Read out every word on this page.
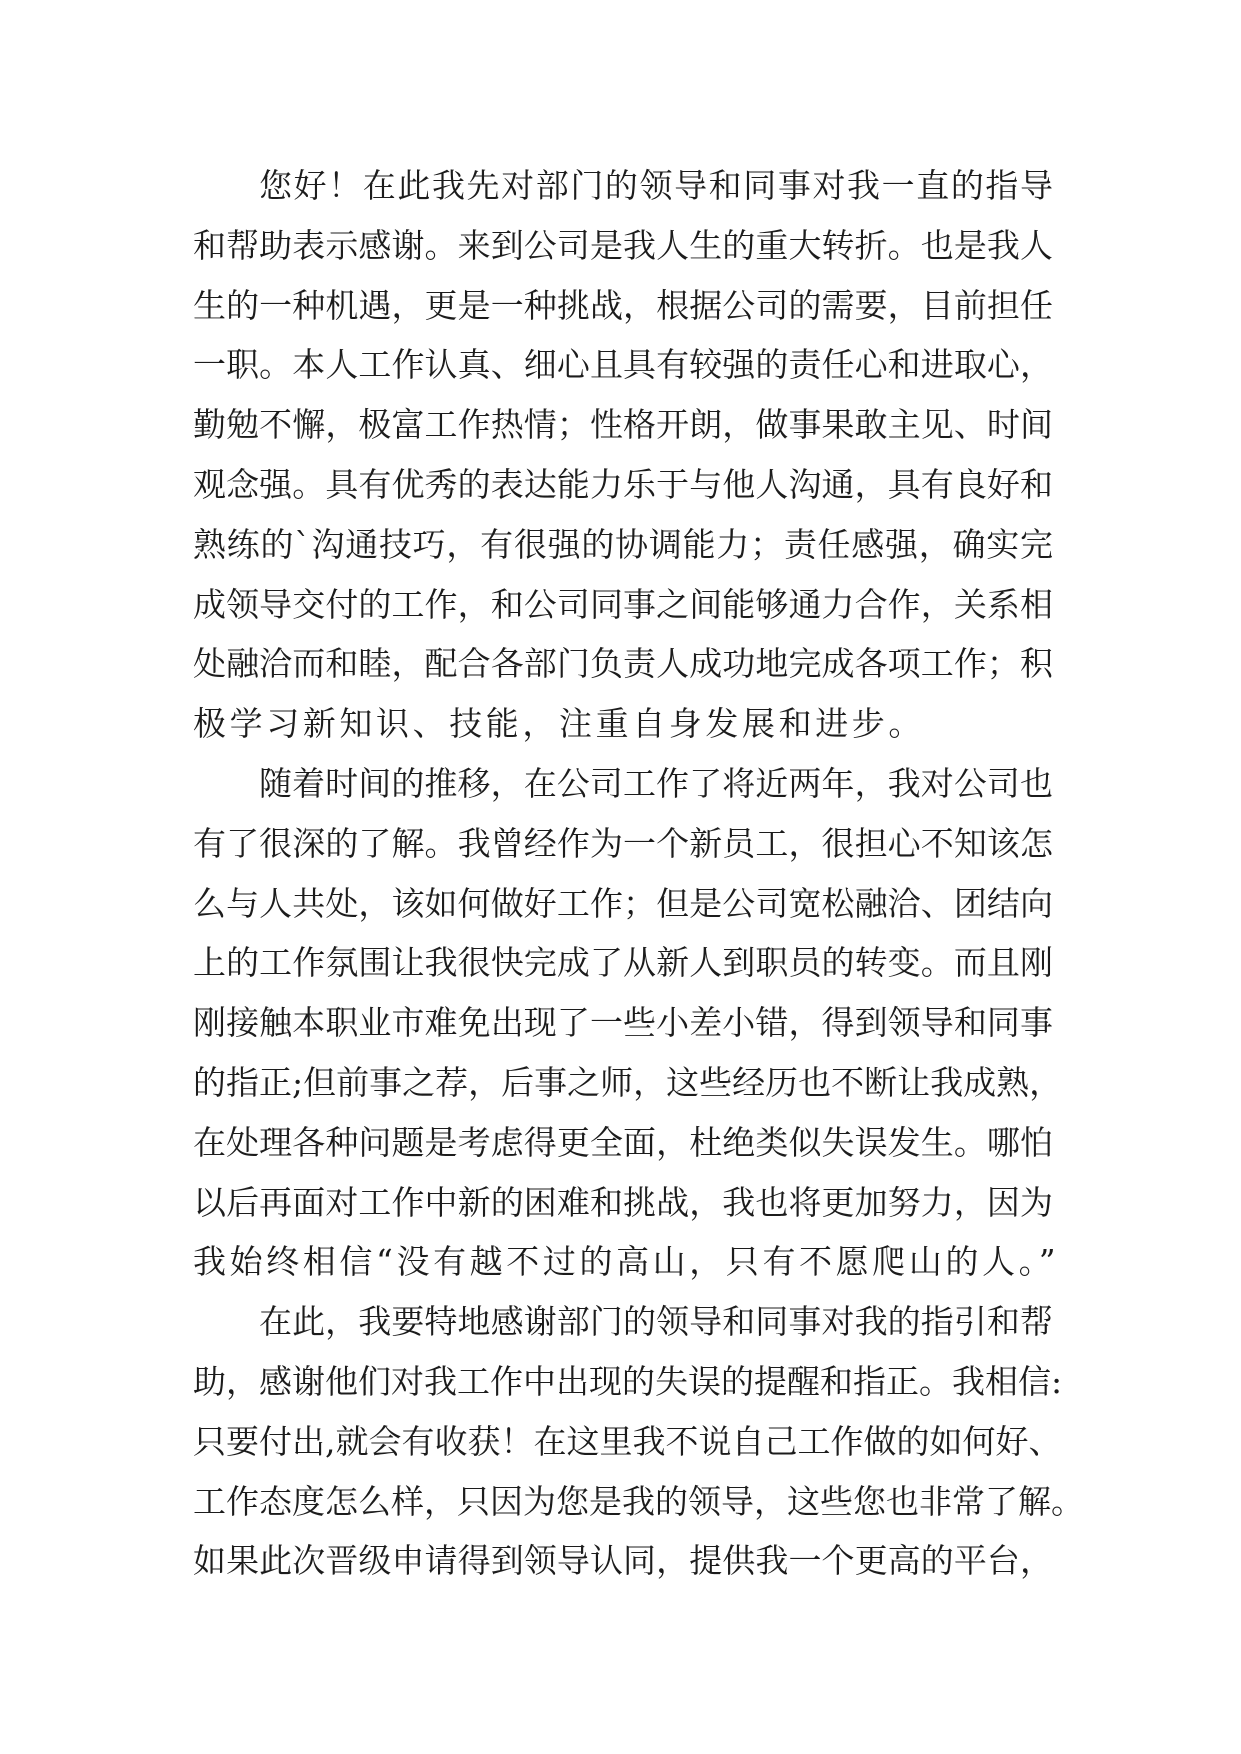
您好！在此我先对部门的领导和同事对我一直的指导
和帮助表示感谢。来到公司是我人生的重大转折。也是我人
生的一种机遇，更是一种挑战，根据公司的需要，目前担任
一职。本人工作认真、细心且具有较强的责任心和进取心，
勤勉不懈，极富工作热情；性格开朗，做事果敢主见、时间
观念强。具有优秀的表达能力乐于与他人沟通，具有良好和
熟练的`沟通技巧，有很强的协调能力；责任感强，确实完
成领导交付的工作，和公司同事之间能够通力合作，关系相
处融洽而和睦，配合各部门负责人成功地完成各项工作；积
极学习新知识、技能，注重自身发展和进步。
随着时间的推移，在公司工作了将近两年，我对公司也
有了很深的了解。我曾经作为一个新员工，很担心不知该怎
么与人共处，该如何做好工作；但是公司宽松融洽、团结向
上的工作氛围让我很快完成了从新人到职员的转变。而且刚
刚接触本职业市难免出现了一些小差小错，得到领导和同事
的指正;但前事之荐，后事之师，这些经历也不断让我成熟，
在处理各种问题是考虑得更全面，杜绝类似失误发生。哪怕
以后再面对工作中新的困难和挑战，我也将更加努力，因为
我始终相信“没有越不过的高山，只有不愿爬山的人。”
在此，我要特地感谢部门的领导和同事对我的指引和帮
助，感谢他们对我工作中出现的失误的提醒和指正。我相信:
只要付出,就会有收获！在这里我不说自己工作做的如何好、
工作态度怎么样，只因为您是我的领导，这些您也非常了解。
如果此次晋级申请得到领导认同，提供我一个更高的平台，
